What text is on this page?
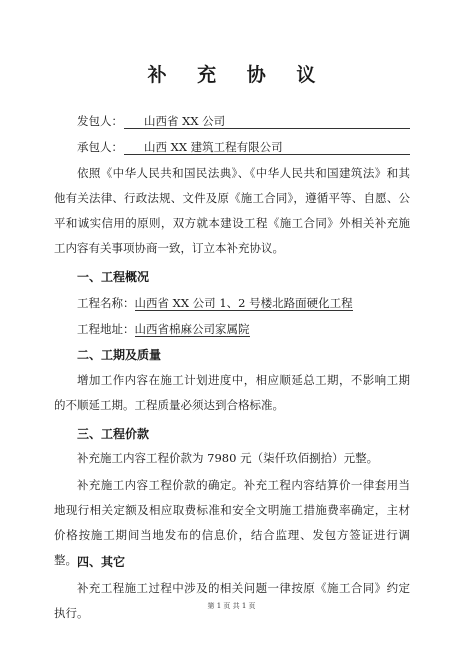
补 充 协 议
发包人：	山西省 XX 公司
承包人：	山西 XX 建筑工程有限公司
依照《中华人民共和国民法典》、《中华人民共和国建筑法》和其他有关法律、行政法规、文件及原《施工合同》，遵循平等、自愿、公平和诚实信用的原则，双方就本建设工程《施工合同》外相关补充施工内容有关事项协商一致，订立本补充协议。
一、工程概况
工程名称：山西省 XX 公司 1、2 号楼北路面硬化工程
工程地址：山西省棉麻公司家属院
二、工期及质量
增加工作内容在施工计划进度中，相应顺延总工期，不影响工期的不顺延工期。工程质量必须达到合格标准。
三、工程价款
补充施工内容工程价款为 7980 元（柒仟玖佰捌拾）元整。
补充施工内容工程价款的确定。补充工程内容结算价一律套用当地现行相关定额及相应取费标准和安全文明施工措施费率确定，主材价格按施工期间当地发布的信息价，结合监理、发包方签证进行调整。 四、其它
补充工程施工过程中涉及的相关问题一律按原《施工合同》约定执行。	第 1 页 共 1 页
